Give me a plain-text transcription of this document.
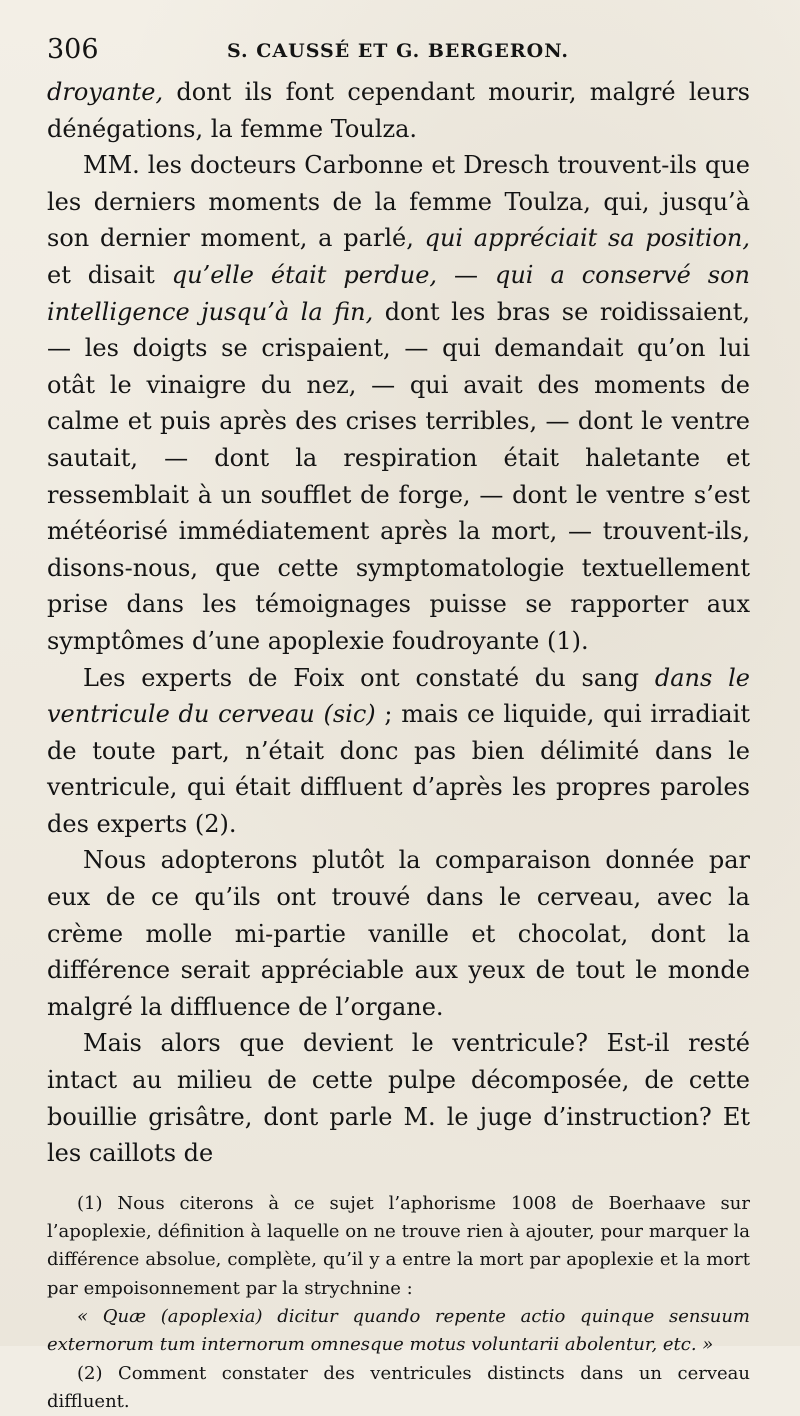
306	S. CAUSSÉ ET G. BERGERON.

droyante, dont ils font cependant mourir, malgré leurs dénégations, la femme Toulza.

MM. les docteurs Carbonne et Dresch trouvent-ils que les derniers moments de la femme Toulza, qui, jusqu’à son dernier moment, a parlé, qui appréciait sa position, et disait qu’elle était perdue, — qui a conservé son intelligence jusqu’à la fin, dont les bras se roidissaient, — les doigts se crispaient, — qui demandait qu’on lui otât le vinaigre du nez, — qui avait des moments de calme et puis après des crises terribles, — dont le ventre sautait, — dont la respiration était haletante et ressemblait à un soufflet de forge, — dont le ventre s’est météorisé immédiatement après la mort, — trouvent-ils, disons-nous, que cette symptomatologie textuellement prise dans les témoignages puisse se rapporter aux symptômes d’une apoplexie foudroyante (1).

Les experts de Foix ont constaté du sang dans le ventricule du cerveau (sic) ; mais ce liquide, qui irradiait de toute part, n’était donc pas bien délimité dans le ventricule, qui était diffluent d’après les propres paroles des experts (2).

Nous adopterons plutôt la comparaison donnée par eux de ce qu’ils ont trouvé dans le cerveau, avec la crème molle mi-partie vanille et chocolat, dont la différence serait appréciable aux yeux de tout le monde malgré la diffluence de l’organe.

Mais alors que devient le ventricule? Est-il resté intact au milieu de cette pulpe décomposée, de cette bouillie grisâtre, dont parle M. le juge d’instruction? Et les caillots de

(1) Nous citerons à ce sujet l’aphorisme 1008 de Boerhaave sur l’apoplexie, définition à laquelle on ne trouve rien à ajouter, pour marquer la différence absolue, complète, qu’il y a entre la mort par apoplexie et la mort par empoisonnement par la strychnine :

« Quæ (apoplexia) dicitur quando repente actio quinque sensuum externorum tum internorum omnesque motus voluntarii abolentur, etc. »

(2) Comment constater des ventricules distincts dans un cerveau diffluent.
